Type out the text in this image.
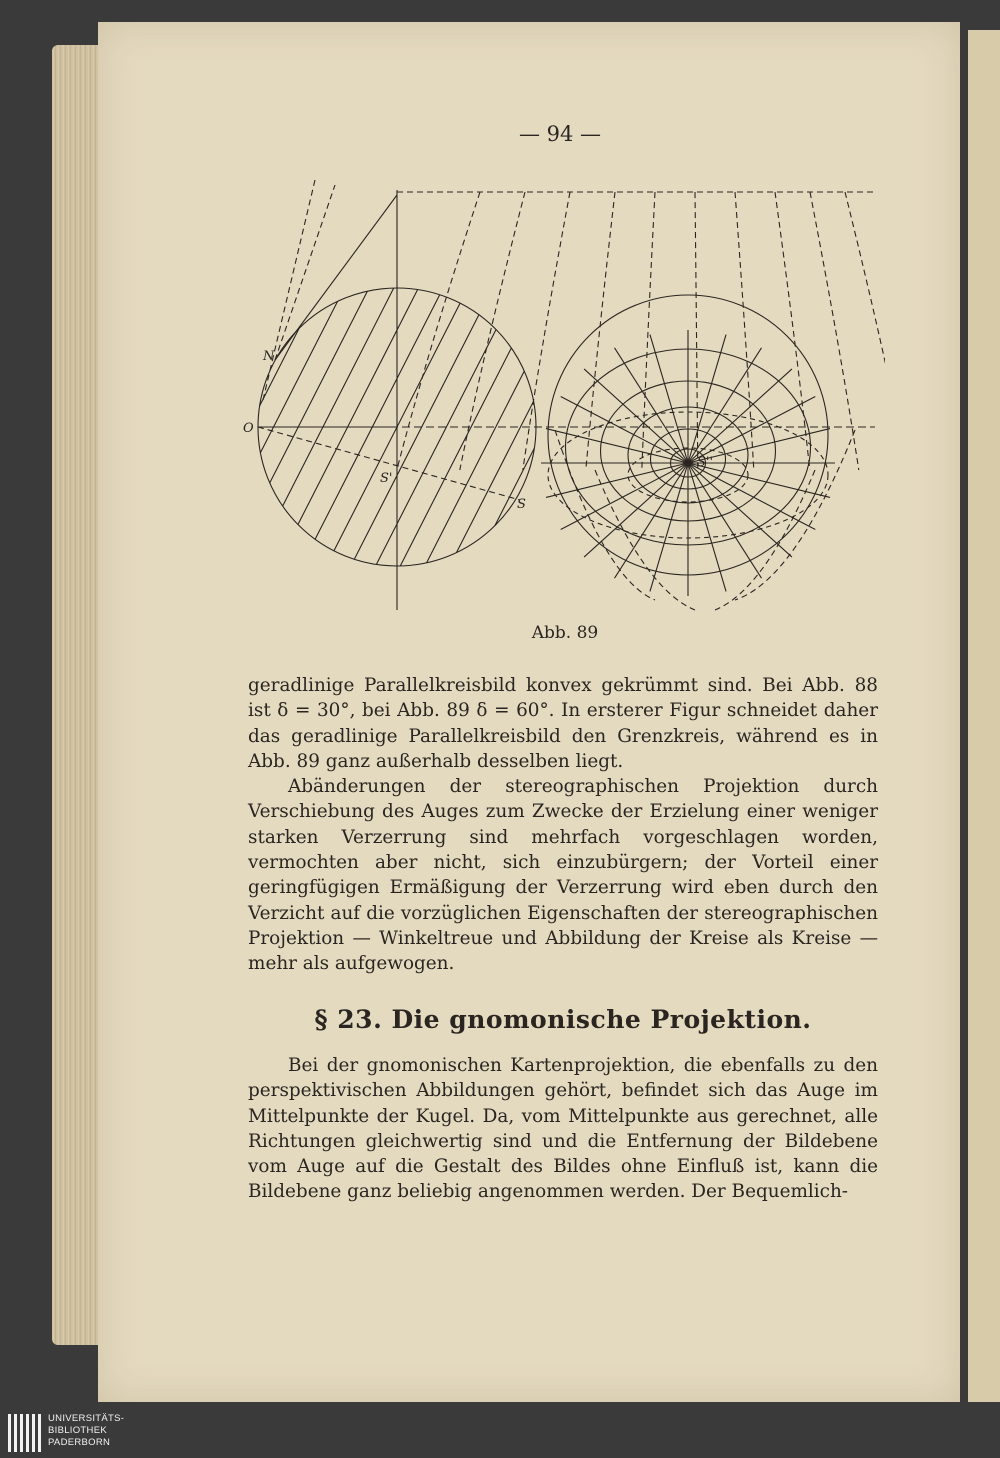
— 94 —
N
O
S'
S
S''
Abb. 89

geradlinige Parallelkreisbild konvex gekrümmt sind. Bei Abb. 88 ist δ = 30°, bei Abb. 89 δ = 60°. In ersterer Figur schneidet daher das geradlinige Parallelkreisbild den Grenzkreis, während es in Abb. 89 ganz außerhalb desselben liegt.

Abänderungen der stereographischen Projektion durch Verschiebung des Auges zum Zwecke der Erzielung einer weniger starken Verzerrung sind mehrfach vorgeschlagen worden, vermochten aber nicht, sich einzubürgern; der Vorteil einer geringfügigen Ermäßigung der Verzerrung wird eben durch den Verzicht auf die vorzüglichen Eigenschaften der stereographischen Projektion — Winkeltreue und Abbildung der Kreise als Kreise — mehr als aufgewogen.

§ 23. Die gnomonische Projektion.

Bei der gnomonischen Kartenprojektion, die ebenfalls zu den perspektivischen Abbildungen gehört, befindet sich das Auge im Mittelpunkte der Kugel. Da, vom Mittelpunkte aus gerechnet, alle Richtungen gleichwertig sind und die Entfernung der Bildebene vom Auge auf die Gestalt des Bildes ohne Einfluß ist, kann die Bildebene ganz beliebig angenommen werden. Der Bequemlich-

UNIVERSITÄTS-
BIBLIOTHEK
PADERBORN
